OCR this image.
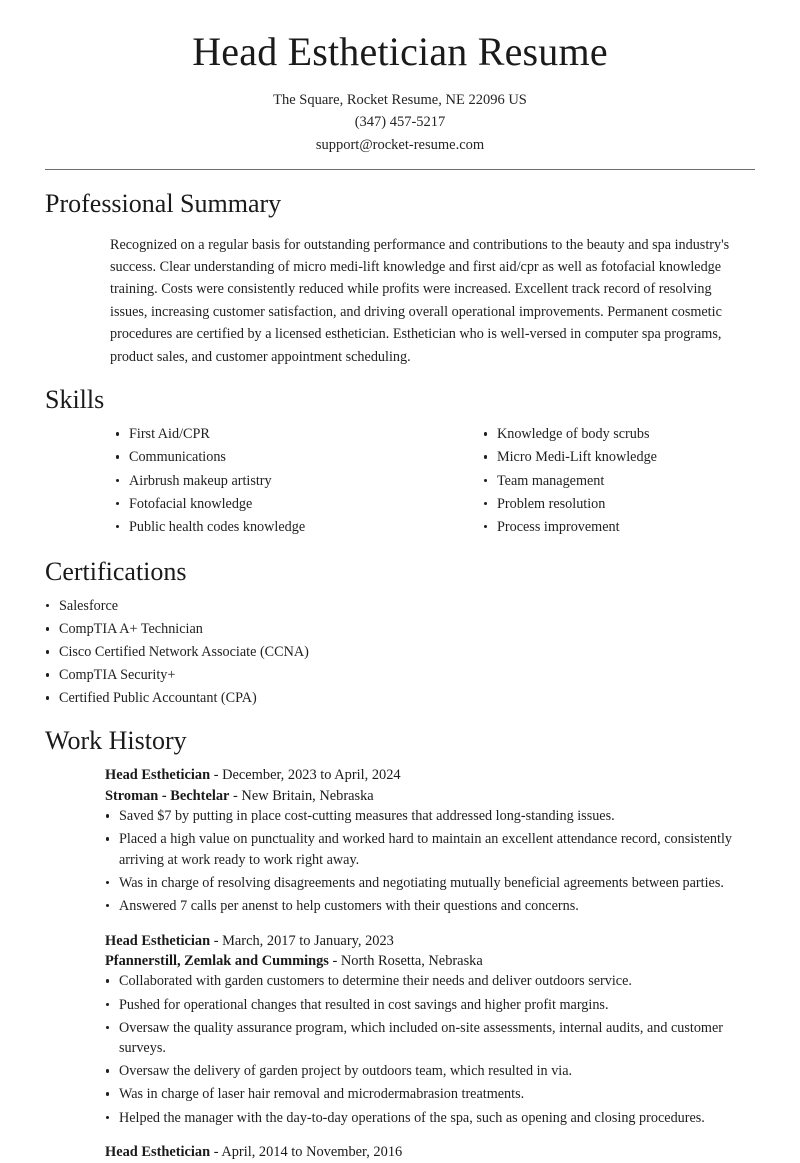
Head Esthetician Resume
The Square, Rocket Resume, NE 22096 US
(347) 457-5217
support@rocket-resume.com
Professional Summary

Recognized on a regular basis for outstanding performance and contributions to the beauty and spa industry's success. Clear understanding of micro medi-lift knowledge and first aid/cpr as well as fotofacial knowledge training. Costs were consistently reduced while profits were increased. Excellent track record of resolving issues, increasing customer satisfaction, and driving overall operational improvements. Permanent cosmetic procedures are certified by a licensed esthetician. Esthetician who is well-versed in computer spa programs, product sales, and customer appointment scheduling.

Skills
First Aid/CPR
Communications
Airbrush makeup artistry
Fotofacial knowledge
Public health codes knowledge
Knowledge of body scrubs
Micro Medi-Lift knowledge
Team management
Problem resolution
Process improvement
Certifications
Salesforce
CompTIA A+ Technician
Cisco Certified Network Associate (CCNA)
CompTIA Security+
Certified Public Accountant (CPA)
Work History
Head Esthetician - December, 2023 to April, 2024
Stroman - Bechtelar - New Britain, Nebraska
Saved $7 by putting in place cost-cutting measures that addressed long-standing issues.
Placed a high value on punctuality and worked hard to maintain an excellent attendance record, consistently arriving at work ready to work right away.
Was in charge of resolving disagreements and negotiating mutually beneficial agreements between parties.
Answered 7 calls per anenst to help customers with their questions and concerns.
Head Esthetician - March, 2017 to January, 2023
Pfannerstill, Zemlak and Cummings - North Rosetta, Nebraska
Collaborated with garden customers to determine their needs and deliver outdoors service.
Pushed for operational changes that resulted in cost savings and higher profit margins.
Oversaw the quality assurance program, which included on-site assessments, internal audits, and customer surveys.
Oversaw the delivery of garden project by outdoors team, which resulted in via.
Was in charge of laser hair removal and microdermabrasion treatments.
Helped the manager with the day-to-day operations of the spa, such as opening and closing procedures.
Head Esthetician - April, 2014 to November, 2016
